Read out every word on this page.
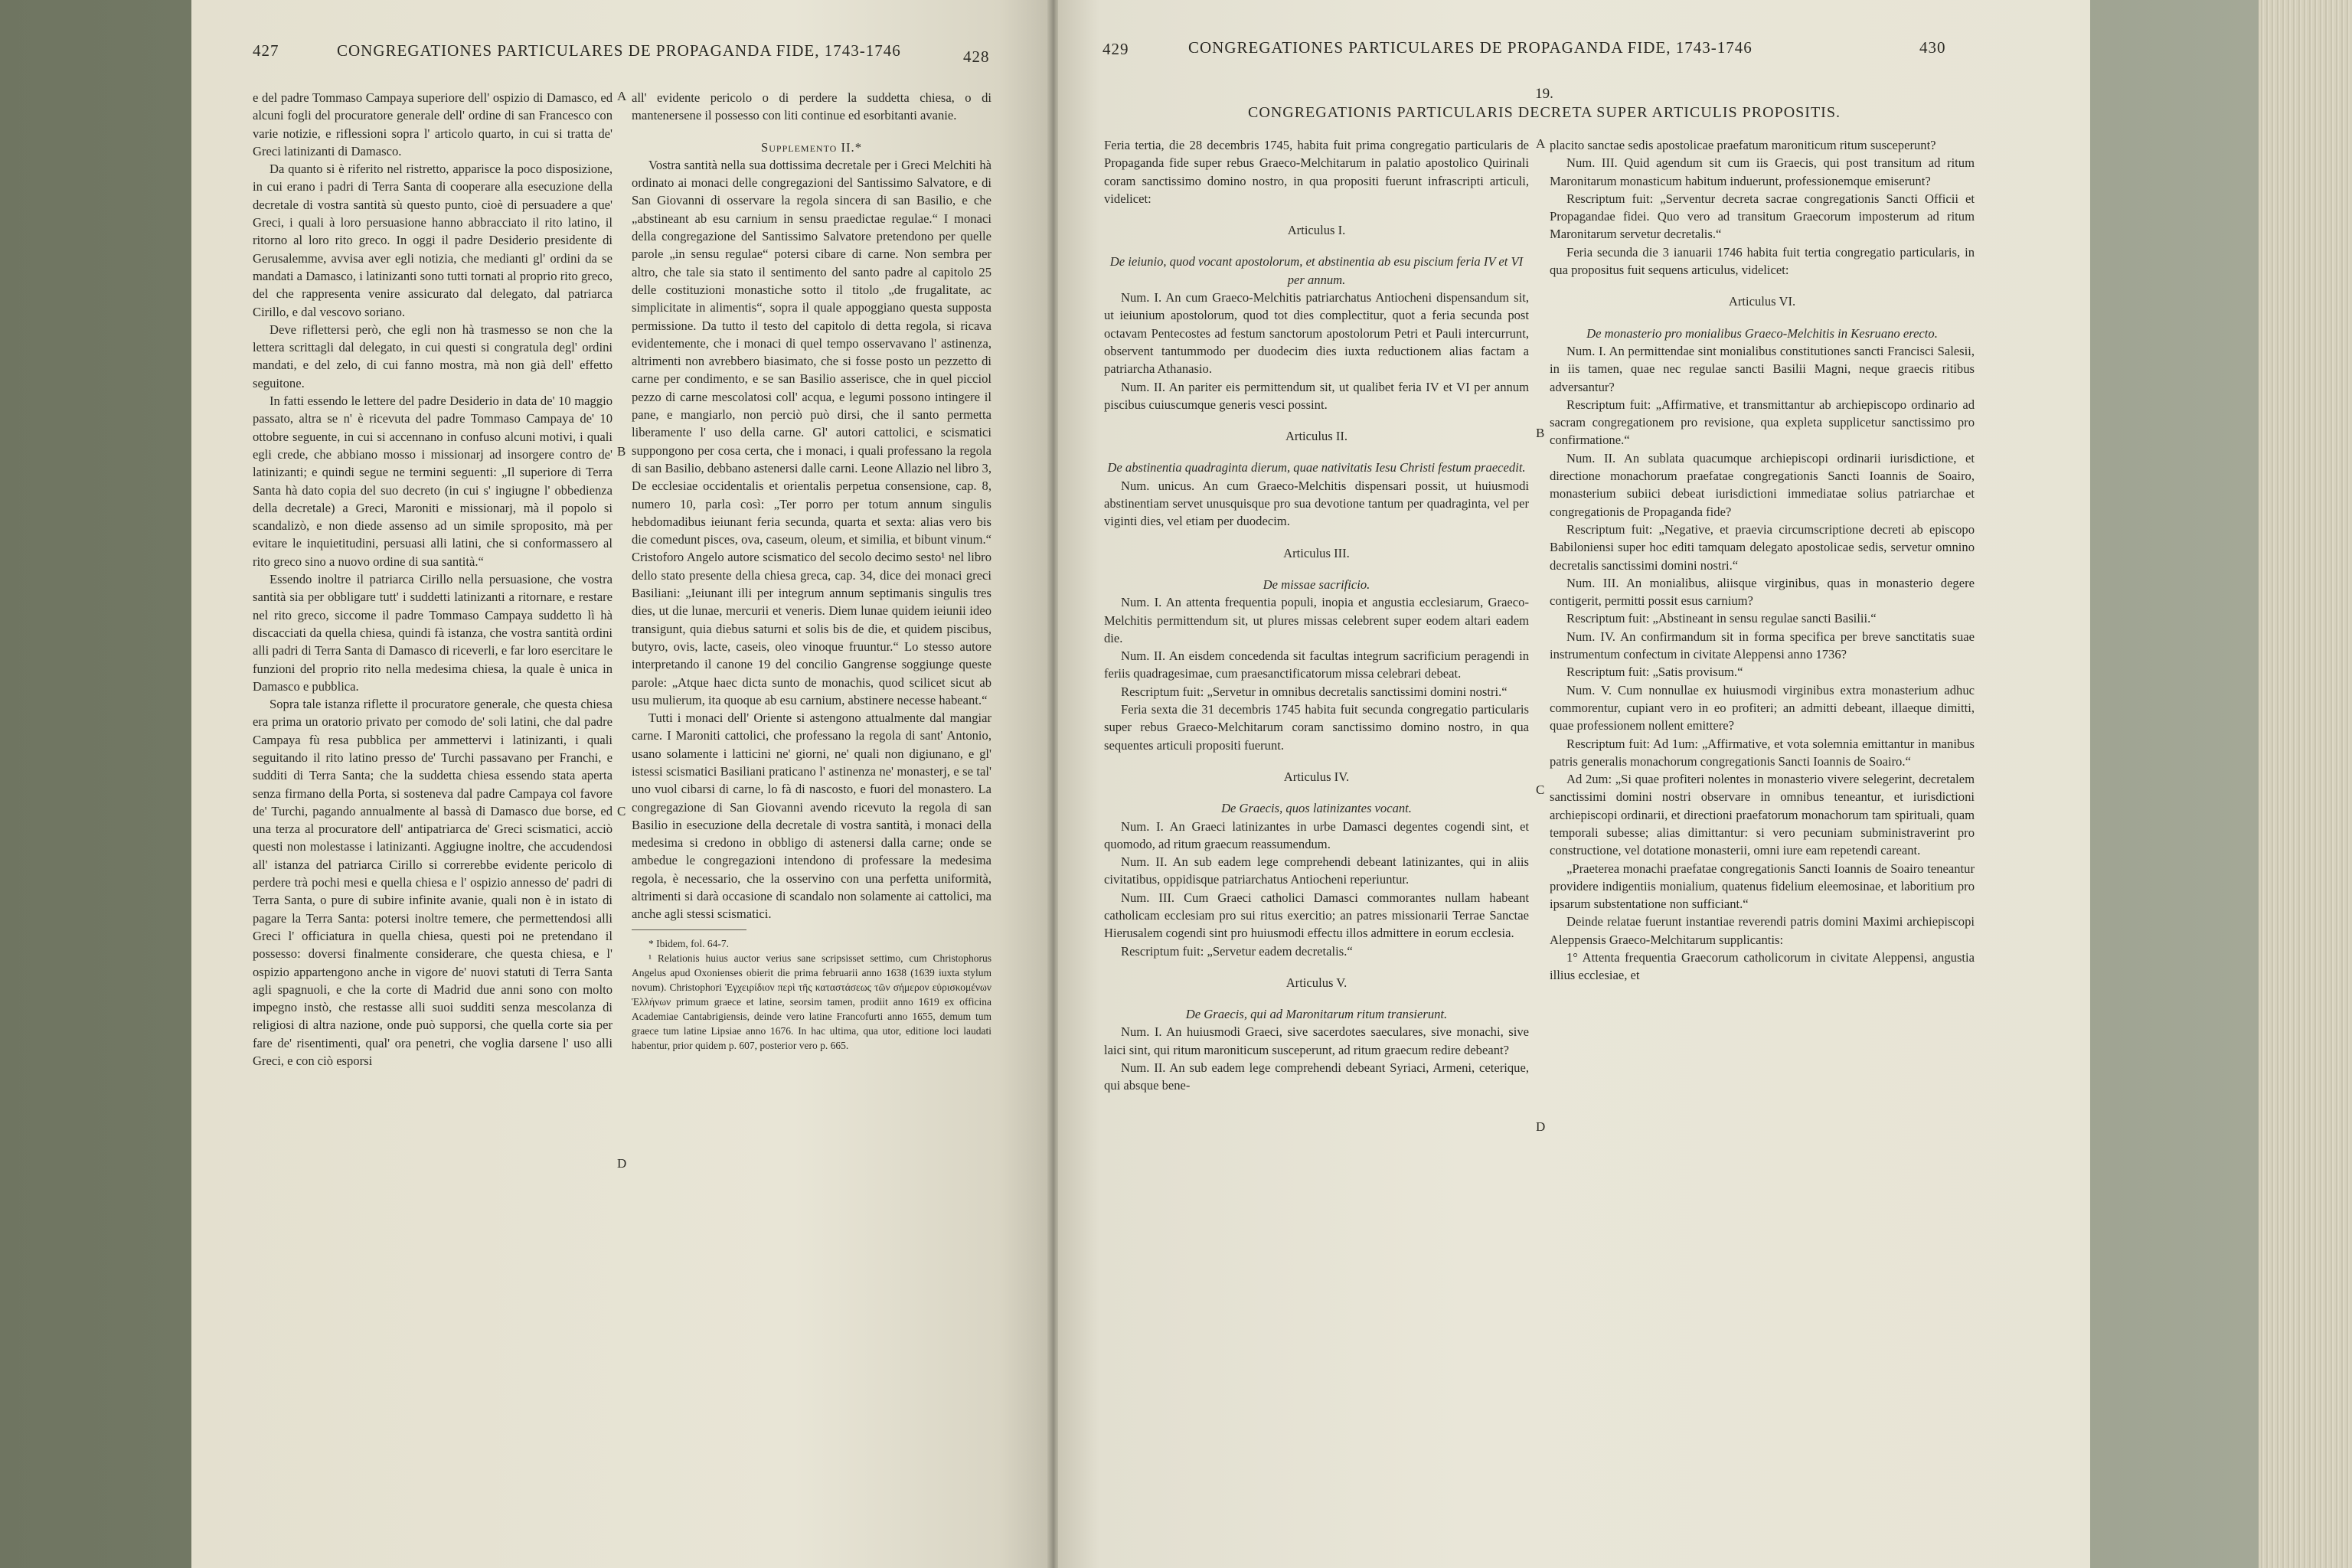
427	CONGREGATIONES PARTICULARES DE PROPAGANDA FIDE, 1743-1746	428

e del padre Tommaso Campaya superiore dell' ospizio di Damasco, ed alcuni fogli del procuratore generale dell' ordine di san Francesco con varie notizie, e riflessioni sopra l' articolo quarto, in cui si tratta de' Greci latinizanti di Damasco.

Da quanto si è riferito nel ristretto, apparisce la poco disposizione, in cui erano i padri di Terra Santa di cooperare alla esecuzione della decretale di vostra santità sù questo punto, cioè di persuadere a que' Greci, i quali à loro persuasione hanno abbracciato il rito latino, il ritorno al loro rito greco. In oggi il padre Desiderio presidente di Gerusalemme, avvisa aver egli notizia, che medianti gl' ordini da se mandati a Damasco, i latinizanti sono tutti tornati al proprio rito greco, del che rappresenta venire assicurato dal delegato, dal patriarca Cirillo, e dal vescovo soriano.

Deve riflettersi però, che egli non hà trasmesso se non che la lettera scrittagli dal delegato, in cui questi si congratula degl' ordini mandati, e del zelo, di cui fanno mostra, mà non già dell' effetto seguitone.

In fatti essendo le lettere del padre Desiderio in data de' 10 maggio passato, altra se n' è ricevuta del padre Tommaso Campaya de' 10 ottobre seguente, in cui si accennano in confuso alcuni motivi, i quali egli crede, che abbiano mosso i missionarj ad insorgere contro de' latinizanti; e quindi segue ne termini seguenti: „Il superiore di Terra Santa hà dato copia del suo decreto (in cui s' ingiugne l' obbedienza della decretale) a Greci, Maroniti e missionarj, mà il popolo si scandalizò, e non diede assenso ad un simile sproposito, mà per evitare le inquietitudini, persuasi alli latini, che si conformassero al rito greco sino a nuovo ordine di sua santità.“

Essendo inoltre il patriarca Cirillo nella persuasione, che vostra santità sia per obbligare tutt' i suddetti latinizanti a ritornare, e restare nel rito greco, siccome il padre Tommaso Campaya suddetto lì hà discacciati da quella chiesa, quindi fà istanza, che vostra santità ordini alli padri di Terra Santa di Damasco di riceverli, e far loro esercitare le funzioni del proprio rito nella medesima chiesa, la quale è unica in Damasco e pubblica.

Sopra tale istanza riflette il procuratore generale, che questa chiesa era prima un oratorio privato per comodo de' soli latini, che dal padre Campaya fù resa pubblica per ammettervi i latinizanti, i quali seguitando il rito latino presso de' Turchi passavano per Franchi, e sudditi di Terra Santa; che la suddetta chiesa essendo stata aperta senza firmano della Porta, si sosteneva dal padre Campaya col favore de' Turchi, pagando annualmente al bassà di Damasco due borse, ed una terza al procuratore dell' antipatriarca de' Greci scismatici, acciò questi non molestasse i latinizanti. Aggiugne inoltre, che accudendosi all' istanza del patriarca Cirillo si correrebbe evidente pericolo di perdere trà pochi mesi e quella chiesa e l' ospizio annesso de' padri di Terra Santa, o pure di subire infinite avanie, quali non è in istato di pagare la Terra Santa: potersi inoltre temere, che permettendosi alli Greci l' officiatura in quella chiesa, questi poi ne pretendano il possesso: doversi finalmente considerare, che questa chiesa, e l' ospizio appartengono anche in vigore de' nuovi statuti di Terra Santa agli spagnuoli, e che la corte di Madrid due anni sono con molto impegno instò, che restasse alli suoi sudditi senza mescolanza di religiosi di altra nazione, onde può supporsi, che quella corte sia per fare de' risentimenti, qual' ora penetri, che voglia darsene l' uso alli Greci, e con ciò esporsi

all' evidente pericolo o di perdere la suddetta chiesa, o di mantenersene il possesso con liti continue ed esorbitanti avanie.

Supplemento II.*

Vostra santità nella sua dottissima decretale per i Greci Melchiti hà ordinato ai monaci delle congregazioni del Santissimo Salvatore, e di San Giovanni di osservare la regola sincera di san Basilio, e che „abstineant ab esu carnium in sensu praedictae regulae.“ I monaci della congregazione del Santissimo Salvatore pretendono per quelle parole „in sensu regulae“ potersi cibare di carne. Non sembra per altro, che tale sia stato il sentimento del santo padre al capitolo 25 delle costituzioni monastiche sotto il titolo „de frugalitate, ac simplicitate in alimentis“, sopra il quale appoggiano questa supposta permissione. Da tutto il testo del capitolo di detta regola, si ricava evidentemente, che i monaci di quel tempo osservavano l' astinenza, altrimenti non avrebbero biasimato, che si fosse posto un pezzetto di carne per condimento, e se san Basilio asserisce, che in quel picciol pezzo di carne mescolatosi coll' acqua, e legumi possono intingere il pane, e mangiarlo, non perciò può dirsi, che il santo permetta liberamente l' uso della carne. Gl' autori cattolici, e scismatici suppongono per cosa certa, che i monaci, i quali professano la regola di san Basilio, debbano astenersi dalle carni. Leone Allazio nel libro 3, De ecclesiae occidentalis et orientalis perpetua consensione, cap. 8, numero 10, parla così: „Ter porro per totum annum singulis hebdomadibus ieiunant feria secunda, quarta et sexta: alias vero bis die comedunt pisces, ova, caseum, oleum, et similia, et bibunt vinum.“ Cristoforo Angelo autore scismatico del secolo decimo sesto¹ nel libro dello stato presente della chiesa greca, cap. 34, dice dei monaci greci Basiliani: „Ieiunant illi per integrum annum septimanis singulis tres dies, ut die lunae, mercurii et veneris. Diem lunae quidem ieiunii ideo transigunt, quia diebus saturni et solis bis de die, et quidem piscibus, butyro, ovis, lacte, caseis, oleo vinoque fruuntur.“ Lo stesso autore interpretando il canone 19 del concilio Gangrense soggiunge queste parole: „Atque haec dicta sunto de monachis, quod scilicet sicut ab usu mulierum, ita quoque ab esu carnium, abstinere necesse habeant.“

Tutti i monaci dell' Oriente si astengono attualmente dal mangiar carne. I Maroniti cattolici, che professano la regola di sant' Antonio, usano solamente i latticini ne' giorni, ne' quali non digiunano, e gl' istessi scismatici Basiliani praticano l' astinenza ne' monasterj, e se tal' uno vuol cibarsi di carne, lo fà di nascosto, e fuori del monastero. La congregazione di San Giovanni avendo ricevuto la regola di san Basilio in esecuzione della decretale di vostra santità, i monaci della medesima si credono in obbligo di astenersi dalla carne; onde se ambedue le congregazioni intendono di professare la medesima regola, è necessario, che la osservino con una perfetta uniformità, altrimenti si darà occasione di scandalo non solamente ai cattolici, ma anche agli stessi scismatici.

* Ibidem, fol. 64-7.

¹ Relationis huius auctor verius sane scripsisset settimo, cum Christophorus Angelus apud Oxonienses obierit die prima februarii anno 1638 (1639 iuxta stylum novum). Christophori Ἐγχειρίδιον περὶ τῆς καταστάσεως τῶν σήμερον εὑρισκομένων Ἑλλήνων primum graece et latine, seorsim tamen, prodiit anno 1619 ex officina Academiae Cantabrigiensis, deinde vero latine Francofurti anno 1655, demum tum graece tum latine Lipsiae anno 1676. In hac ultima, qua utor, editione loci laudati habentur, prior quidem p. 607, posterior vero p. 665.

A
B
C
D
429	CONGREGATIONES PARTICULARES DE PROPAGANDA FIDE, 1743-1746	430
19.
CONGREGATIONIS PARTICULARIS DECRETA SUPER ARTICULIS PROPOSITIS.

Feria tertia, die 28 decembris 1745, habita fuit prima congregatio particularis de Propaganda fide super rebus Graeco-Melchitarum in palatio apostolico Quirinali coram sanctissimo domino nostro, in qua propositi fuerunt infrascripti articuli, videlicet:

Articulus I.

De ieiunio, quod vocant apostolorum, et abstinentia ab esu piscium feria IV et VI per annum.

Num. I. An cum Graeco-Melchitis patriarchatus Antiocheni dispensandum sit, ut ieiunium apostolorum, quod tot dies complectitur, quot a feria secunda post octavam Pentecostes ad festum sanctorum apostolorum Petri et Pauli intercurrunt, observent tantummodo per duodecim dies iuxta reductionem alias factam a patriarcha Athanasio.

Num. II. An pariter eis permittendum sit, ut qualibet feria IV et VI per annum piscibus cuiuscumque generis vesci possint.

Articulus II.

De abstinentia quadraginta dierum, quae nativitatis Iesu Christi festum praecedit.

Num. unicus. An cum Graeco-Melchitis dispensari possit, ut huiusmodi abstinentiam servet unusquisque pro sua devotione tantum per quadraginta, vel per viginti dies, vel etiam per duodecim.

Articulus III.

De missae sacrificio.

Num. I. An attenta frequentia populi, inopia et angustia ecclesiarum, Graeco-Melchitis permittendum sit, ut plures missas celebrent super eodem altari eadem die.

Num. II. An eisdem concedenda sit facultas integrum sacrificium peragendi in feriis quadragesimae, cum praesanctificatorum missa celebrari debeat.

Rescriptum fuit: „Servetur in omnibus decretalis sanctissimi domini nostri.“

Feria sexta die 31 decembris 1745 habita fuit secunda congregatio particularis super rebus Graeco-Melchitarum coram sanctissimo domino nostro, in qua sequentes articuli propositi fuerunt.

Articulus IV.

De Graecis, quos latinizantes vocant.

Num. I. An Graeci latinizantes in urbe Damasci degentes cogendi sint, et quomodo, ad ritum graecum reassumendum.

Num. II. An sub eadem lege comprehendi debeant latinizantes, qui in aliis civitatibus, oppidisque patriarchatus Antiocheni reperiuntur.

Num. III. Cum Graeci catholici Damasci commorantes nullam habeant catholicam ecclesiam pro sui ritus exercitio; an patres missionarii Terrae Sanctae Hierusalem cogendi sint pro huiusmodi effectu illos admittere in eorum ecclesia.

Rescriptum fuit: „Servetur eadem decretalis.“

Articulus V.

De Graecis, qui ad Maronitarum ritum transierunt.

Num. I. An huiusmodi Graeci, sive sacerdotes saeculares, sive monachi, sive laici sint, qui ritum maroniticum susceperunt, ad ritum graecum redire debeant?

Num. II. An sub eadem lege comprehendi debeant Syriaci, Armeni, ceterique, qui absque bene-

placito sanctae sedis apostolicae praefatum maroniticum ritum susceperunt?

Num. III. Quid agendum sit cum iis Graecis, qui post transitum ad ritum Maronitarum monasticum habitum induerunt, professionemque emiserunt?

Rescriptum fuit: „Serventur decreta sacrae congregationis Sancti Officii et Propagandae fidei. Quo vero ad transitum Graecorum imposterum ad ritum Maronitarum servetur decretalis.“

Feria secunda die 3 ianuarii 1746 habita fuit tertia congregatio particularis, in qua propositus fuit sequens articulus, videlicet:

Articulus VI.

De monasterio pro monialibus Graeco-Melchitis in Kesruano erecto.

Num. I. An permittendae sint monialibus constitutiones sancti Francisci Salesii, in iis tamen, quae nec regulae sancti Basilii Magni, neque graecis ritibus adversantur?

Rescriptum fuit: „Affirmative, et transmittantur ab archiepiscopo ordinario ad sacram congregationem pro revisione, qua expleta supplicetur sanctissimo pro confirmatione.“

Num. II. An sublata quacumque archiepiscopi ordinarii iurisdictione, et directione monachorum praefatae congregationis Sancti Ioannis de Soairo, monasterium subiici debeat iurisdictioni immediatae solius patriarchae et congregationis de Propaganda fide?

Rescriptum fuit: „Negative, et praevia circumscriptione decreti ab episcopo Babiloniensi super hoc editi tamquam delegato apostolicae sedis, servetur omnino decretalis sanctissimi domini nostri.“

Num. III. An monialibus, aliisque virginibus, quas in monasterio degere contigerit, permitti possit esus carnium?

Rescriptum fuit: „Abstineant in sensu regulae sancti Basilii.“

Num. IV. An confirmandum sit in forma specifica per breve sanctitatis suae instrumentum confectum in civitate Aleppensi anno 1736?

Rescriptum fuit: „Satis provisum.“

Num. V. Cum nonnullae ex huiusmodi virginibus extra monasterium adhuc commorentur, cupiant vero in eo profiteri; an admitti debeant, illaeque dimitti, quae professionem nollent emittere?

Rescriptum fuit: Ad 1um: „Affirmative, et vota solemnia emittantur in manibus patris generalis monachorum congregationis Sancti Ioannis de Soairo.“

Ad 2um: „Si quae profiteri nolentes in monasterio vivere selegerint, decretalem sanctissimi domini nostri observare in omnibus teneantur, et iurisdictioni archiepiscopi ordinarii, et directioni praefatorum monachorum tam spirituali, quam temporali subesse; alias dimittantur: si vero pecuniam subministraverint pro constructione, vel dotatione monasterii, omni iure eam repetendi careant.

„Praeterea monachi praefatae congregationis Sancti Ioannis de Soairo teneantur providere indigentiis monialium, quatenus fidelium eleemosinae, et laboritium pro ipsarum substentatione non sufficiant.“

Deinde relatae fuerunt instantiae reverendi patris domini Maximi archiepiscopi Aleppensis Graeco-Melchitarum supplicantis:

1° Attenta frequentia Graecorum catholicorum in civitate Aleppensi, angustia illius ecclesiae, et

A
B
C
D
